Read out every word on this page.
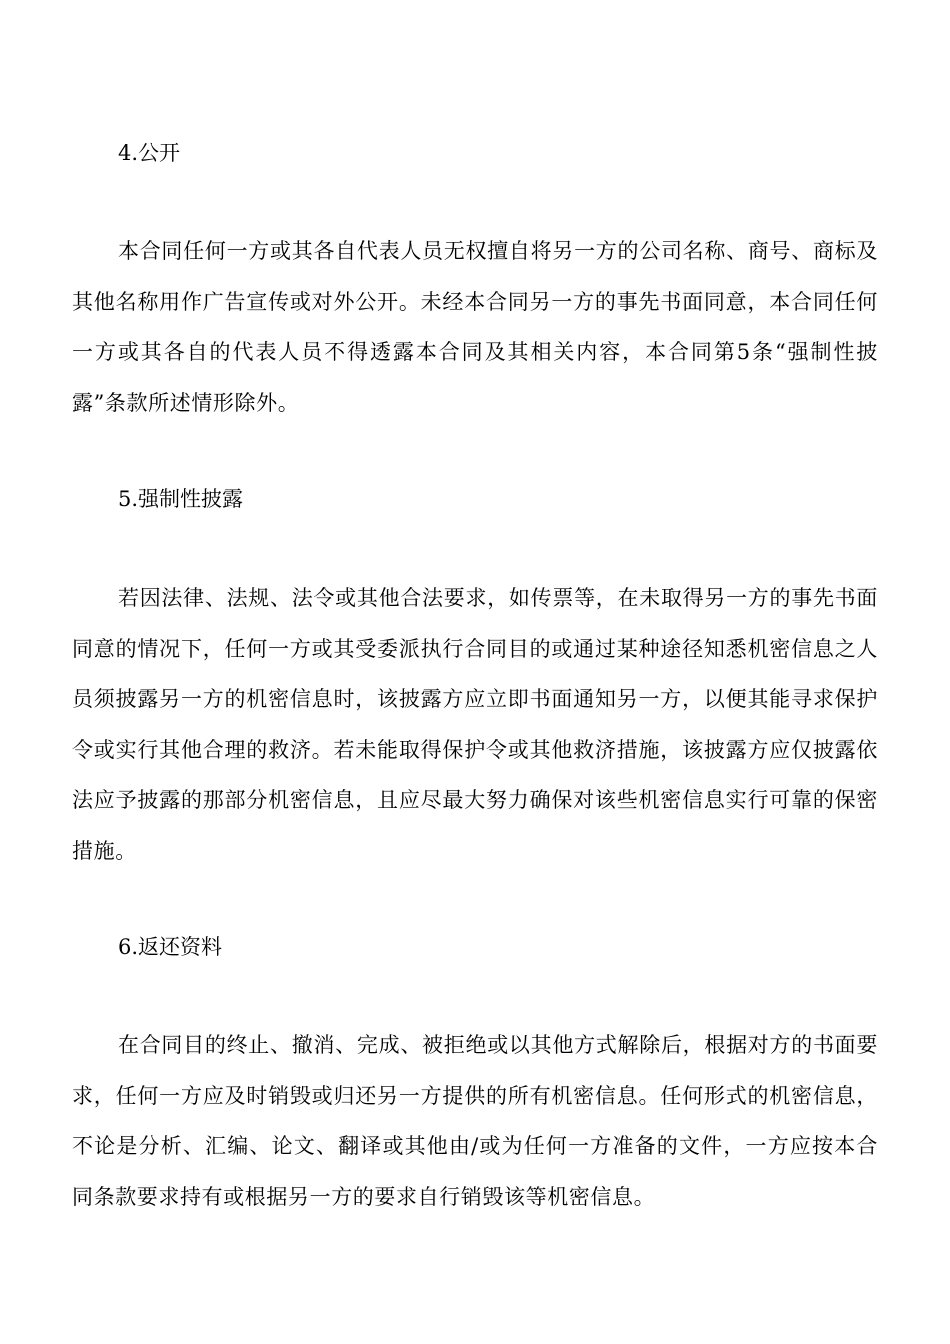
4.公开
本合同任何一方或其各自代表人员无权擅自将另一方的公司名称、商号、商标及其他名称用作广告宣传或对外公开。未经本合同另一方的事先书面同意，本合同任何一方或其各自的代表人员不得透露本合同及其相关内容，本合同第5条“强制性披露”条款所述情形除外。
5.强制性披露
若因法律、法规、法令或其他合法要求，如传票等，在未取得另一方的事先书面同意的情况下，任何一方或其受委派执行合同目的或通过某种途径知悉机密信息之人员须披露另一方的机密信息时，该披露方应立即书面通知另一方，以便其能寻求保护令或实行其他合理的救济。若未能取得保护令或其他救济措施，该披露方应仅披露依法应予披露的那部分机密信息，且应尽最大努力确保对该些机密信息实行可靠的保密措施。
6.返还资料
在合同目的终止、撤消、完成、被拒绝或以其他方式解除后，根据对方的书面要求，任何一方应及时销毁或归还另一方提供的所有机密信息。任何形式的机密信息，不论是分析、汇编、论文、翻译或其他由/或为任何一方准备的文件，一方应按本合同条款要求持有或根据另一方的要求自行销毁该等机密信息。
